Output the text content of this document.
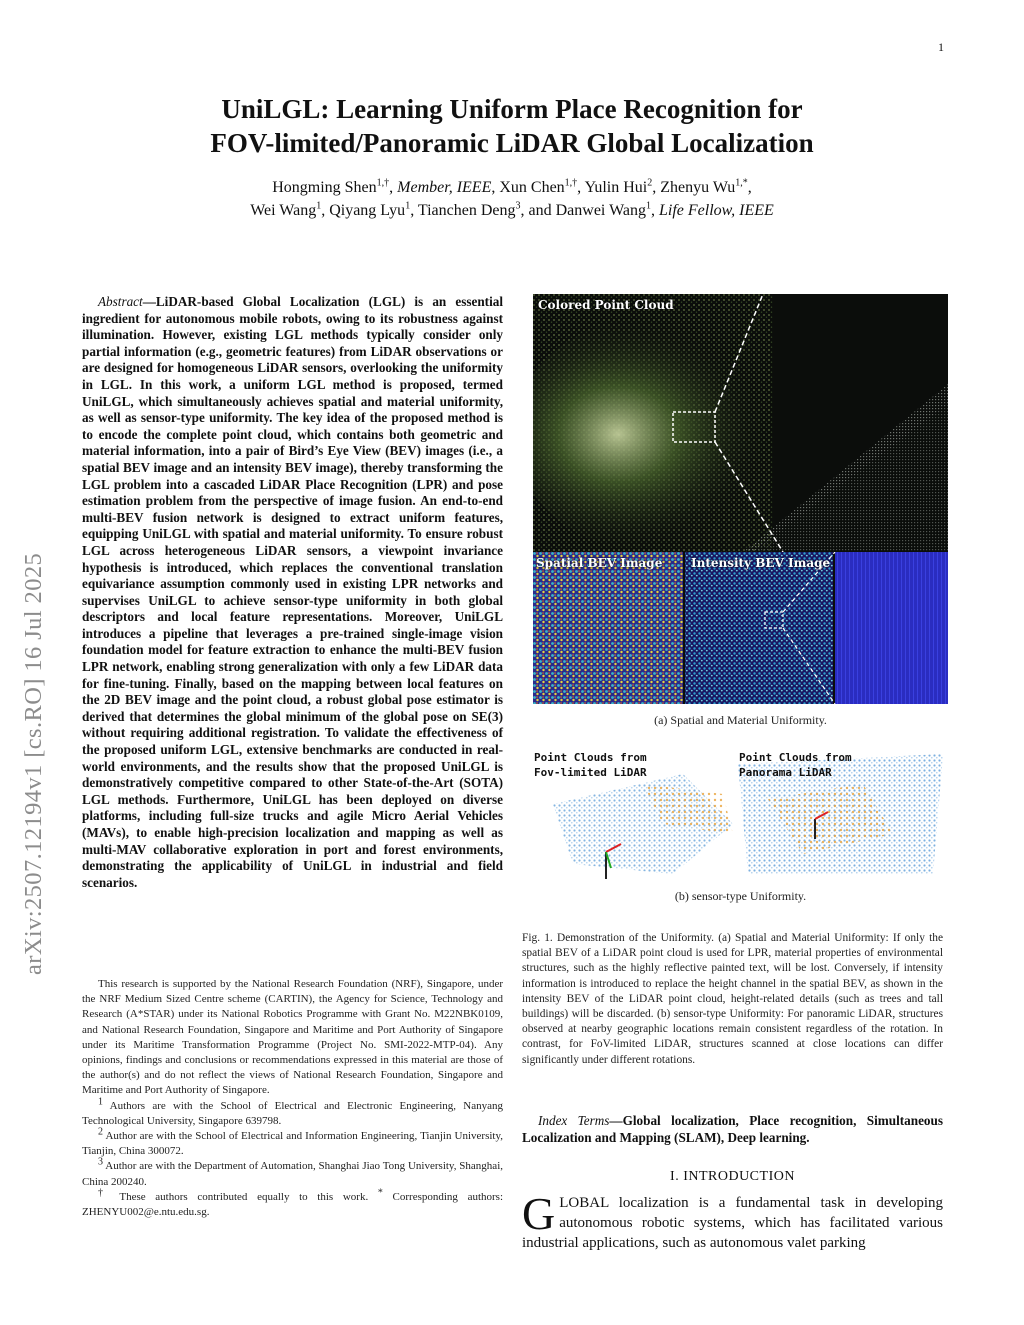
1
arXiv:2507.12194v1 [cs.RO] 16 Jul 2025
UniLGL: Learning Uniform Place Recognition for
FOV-limited/Panoramic LiDAR Global Localization
Hongming Shen$^{1,\dagger}$, Member, IEEE, Xun Chen$^{1,\dagger}$, Yulin Hui$^2$, Zhenyu $Wu^{1,*}$,
Wei Wang$^1$, Qiyang Lyu$^1$, Tianchen Deng$^3$, and Danwei Wang$^1$, Life Fellow, IEEE

Abstract—LiDAR-based Global Localization (LGL) is an essential ingredient for autonomous mobile robots, owing to its robustness against illumination. However, existing LGL methods typically consider only partial information (e.g., geometric features) from LiDAR observations or are designed for homogeneous LiDAR sensors, overlooking the uniformity in LGL. In this work, a uniform LGL method is proposed, termed UniLGL, which simultaneously achieves spatial and material uniformity, as well as sensor-type uniformity. The key idea of the proposed method is to encode the complete point cloud, which contains both geometric and material information, into a pair of Bird’s Eye View (BEV) images (i.e., a spatial BEV image and an intensity BEV image), thereby transforming the LGL problem into a cascaded LiDAR Place Recognition (LPR) and pose estimation problem from the perspective of image fusion. An end-to-end multi-BEV fusion network is designed to extract uniform features, equipping UniLGL with spatial and material uniformity. To ensure robust LGL across heterogeneous LiDAR sensors, a viewpoint invariance hypothesis is introduced, which replaces the conventional translation equivariance assumption commonly used in existing LPR networks and supervises UniLGL to achieve sensor-type uniformity in both global descriptors and local feature representations. Moreover, UniLGL introduces a pipeline that leverages a pre-trained single-image vision foundation model for feature extraction to enhance the multi-BEV fusion LPR network, enabling strong generalization with only a few LiDAR data for fine-tuning. Finally, based on the mapping between local features on the 2D BEV image and the point cloud, a robust global pose estimator is derived that determines the global minimum of the global pose on SE(3) without requiring additional registration. To validate the effectiveness of the proposed uniform LGL, extensive benchmarks are conducted in real-world environments, and the results show that the proposed UniLGL is demonstratively competitive compared to other State-of-the-Art (SOTA) LGL methods. Furthermore, UniLGL has been deployed on diverse platforms, including full-size trucks and agile Micro Aerial Vehicles (MAVs), to enable high-precision localization and mapping as well as multi-MAV collaborative exploration in port and forest environments, demonstrating the applicability of UniLGL in industrial and field scenarios.

This research is supported by the National Research Foundation (NRF), Singapore, under the NRF Medium Sized Centre scheme (CARTIN), the Agency for Science, Technology and Research (A*STAR) under its National Robotics Programme with Grant No. M22NBK0109, and National Research Foundation, Singapore and Maritime and Port Authority of Singapore under its Maritime Transformation Programme (Project No. SMI-2022-MTP-04). Any opinions, findings and conclusions or recommendations expressed in this material are those of the author(s) and do not reflect the views of National Research Foundation, Singapore and Maritime and Port Authority of Singapore.

$^1$ Authors are with the School of Electrical and Electronic Engineering, Nanyang Technological University, Singapore 639798.

$^2$ Author are with the School of Electrical and Information Engineering, Tianjin University, Tianjin, China 300072.

$^3$ Author are with the Department of Automation, Shanghai Jiao Tong University, Shanghai, China 200240.

† These authors contributed equally to this work. * Corresponding authors: ZHENYU002@e.ntu.edu.sg.

Colored Point Cloud
Spatial BEV Image Intensity BEV Image
(a) Spatial and Material Uniformity.
Point Clouds from
Fov-limited LiDAR
Point Clouds from
Panorama LiDAR
(b) sensor-type Uniformity.

Fig. 1. Demonstration of the Uniformity. (a) Spatial and Material Uniformity: If only the spatial BEV of a LiDAR point cloud is used for LPR, material properties of environmental structures, such as the highly reflective painted text, will be lost. Conversely, if intensity information is introduced to replace the height channel in the spatial BEV, as shown in the intensity BEV of the LiDAR point cloud, height-related details (such as trees and tall buildings) will be discarded. (b) sensor-type Uniformity: For panoramic LiDAR, structures observed at nearby geographic locations remain consistent regardless of the rotation. In contrast, for FoV-limited LiDAR, structures scanned at close locations can differ significantly under different rotations.

Index Terms—Global localization, Place recognition, Simultaneous Localization and Mapping (SLAM), Deep learning.

I. INTRODUCTION

GLOBAL localization is a fundamental task in developing autonomous robotic systems, which has facilitated various industrial applications, such as autonomous valet parking
